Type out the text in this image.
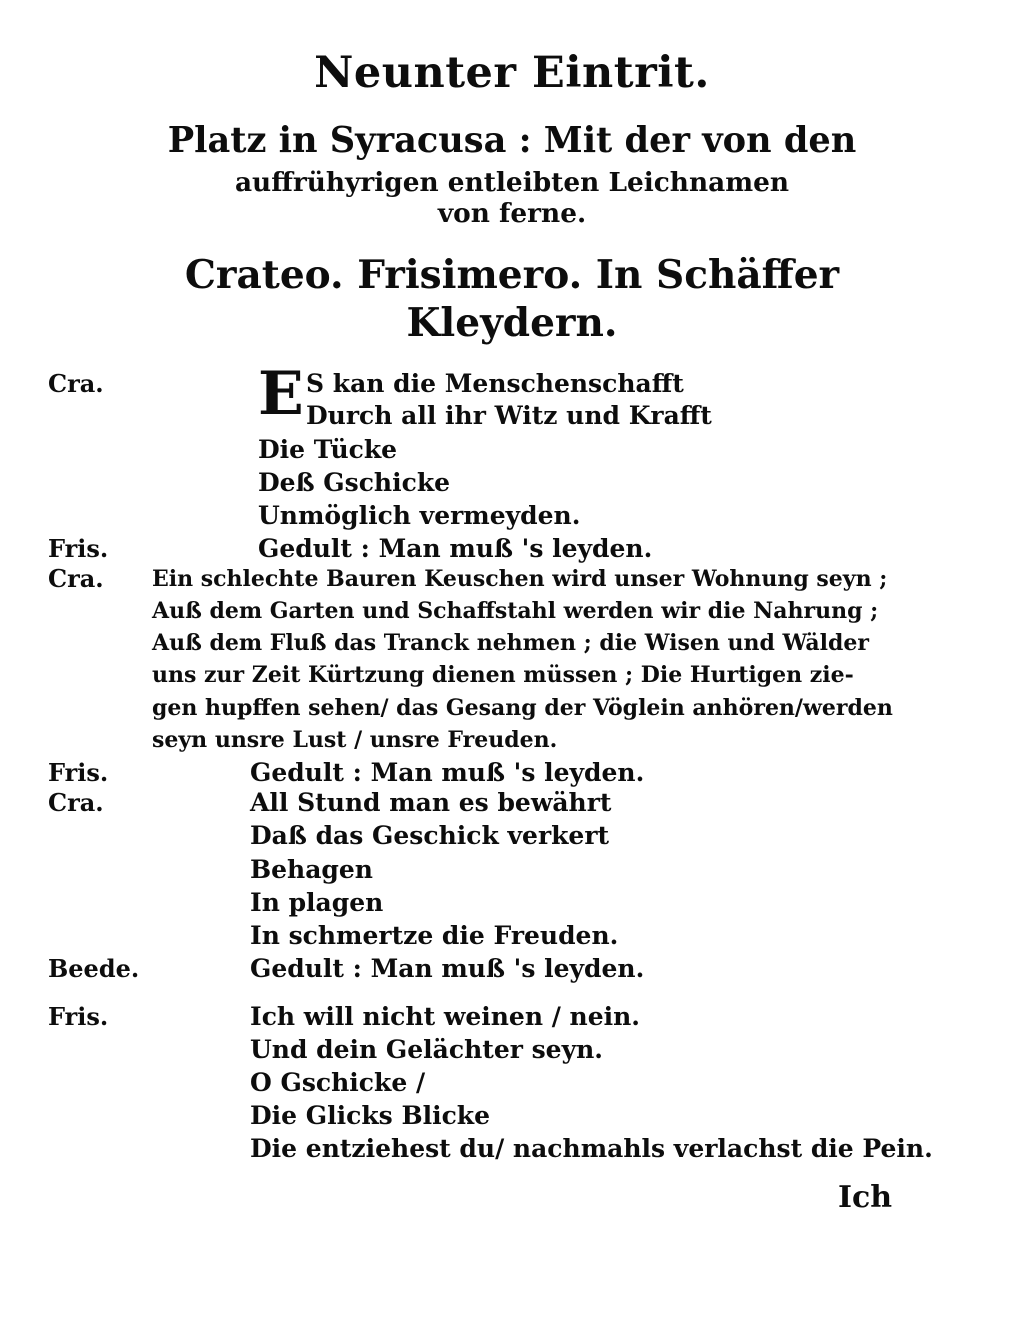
Neunter Eintrit.
Platz in Syracusa : Mit der von den
auffrühyrigen entleibten Leichnamen
von ferne.
Crateo. Frisimero. In Schäffer
Kleydern.
Cra.
Fris.
Cra.
Fris.
Cra.
Beede.
Fris.
E S kan die Menschenschafft
Durch all ihr Witz und Krafft
Die Tücke
Deß Gschicke
Unmöglich vermeyden.
Gedult : Man muß 's leyden.
Ein schlechte Bauren Keuschen wird unser Wohnung seyn ;
Auß dem Garten und Schaffstahl werden wir die Nahrung ;
Auß dem Fluß das Tranck nehmen ; die Wisen und Wälder
uns zur Zeit Kürtzung dienen müssen ; Die Hurtigen zie-
gen hupffen sehen/ das Gesang der Vöglein anhören/werden
seyn unsre Lust / unsre Freuden.
Gedult : Man muß 's leyden.
All Stund man es bewährt
Daß das Geschick verkert
Behagen
In plagen
In schmertze die Freuden.
Gedult : Man muß 's leyden.
Ich will nicht weinen / nein.
Und dein Gelächter seyn.
O Gschicke /
Die Glicks Blicke
Die entziehest du/ nachmahls verlachst die Pein.
Ich
